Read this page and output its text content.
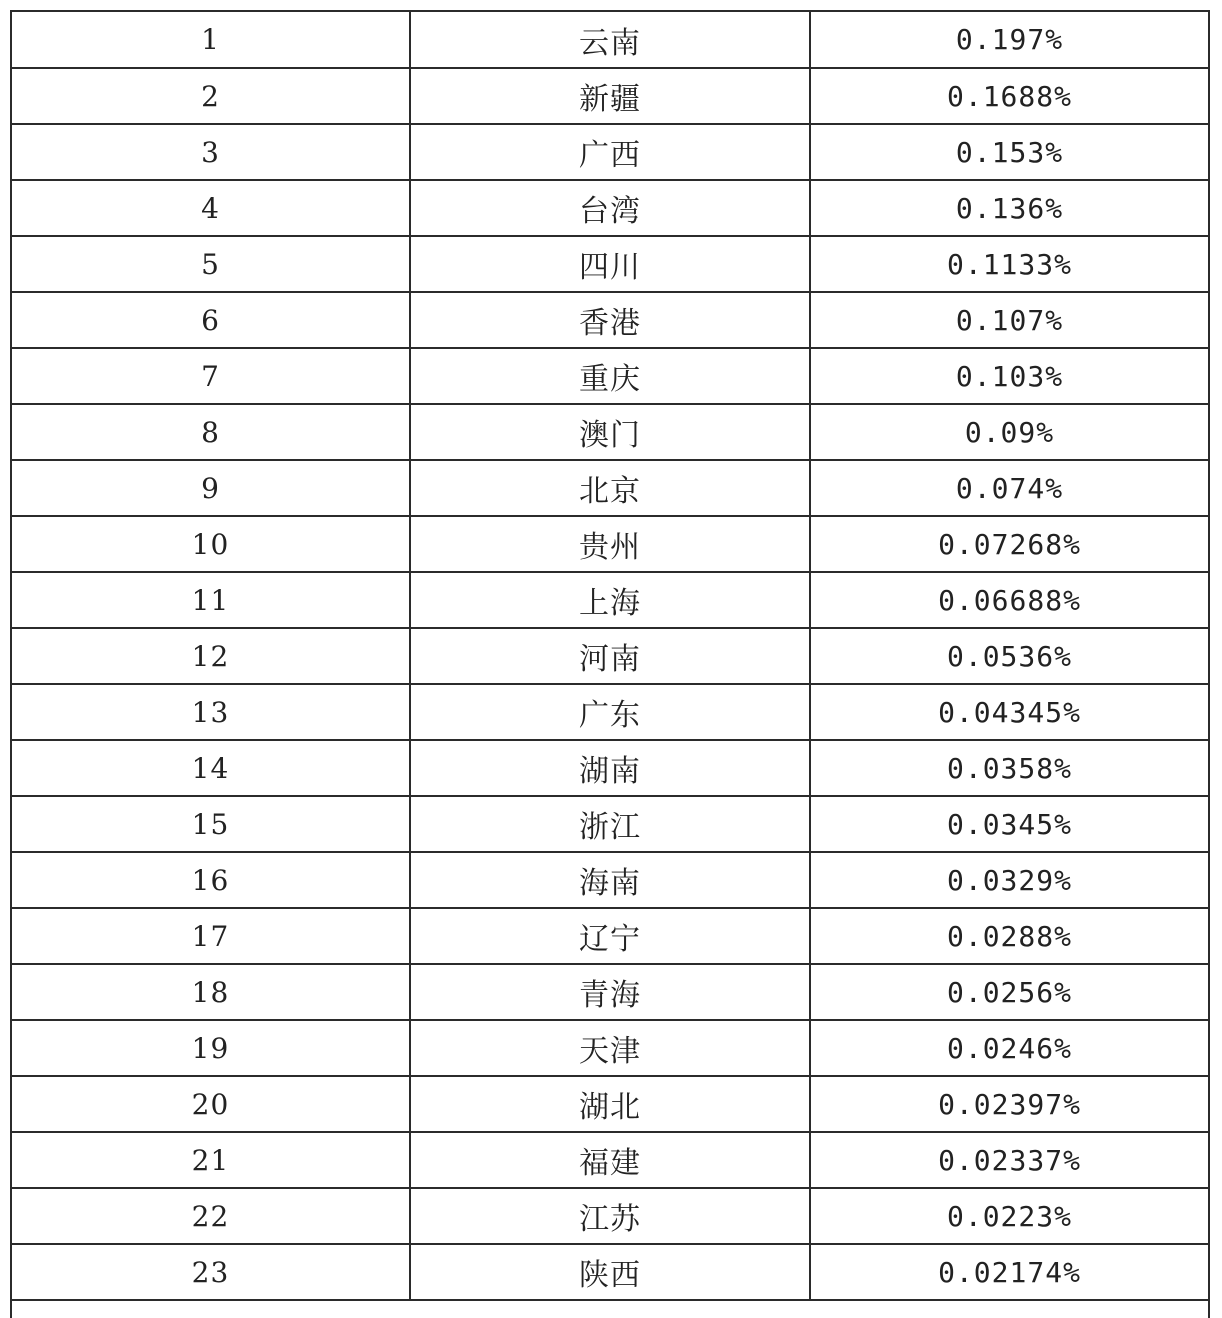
1	云南	0.197%
2	新疆	0.1688%
3	广西	0.153%
4	台湾	0.136%
5	四川	0.1133%
6	香港	0.107%
7	重庆	0.103%
8	澳门	0.09%
9	北京	0.074%
10	贵州	0.07268%
11	上海	0.06688%
12	河南	0.0536%
13	广东	0.04345%
14	湖南	0.0358%
15	浙江	0.0345%
16	海南	0.0329%
17	辽宁	0.0288%
18	青海	0.0256%
19	天津	0.0246%
20	湖北	0.02397%
21	福建	0.02337%
22	江苏	0.0223%
23	陕西	0.02174%
